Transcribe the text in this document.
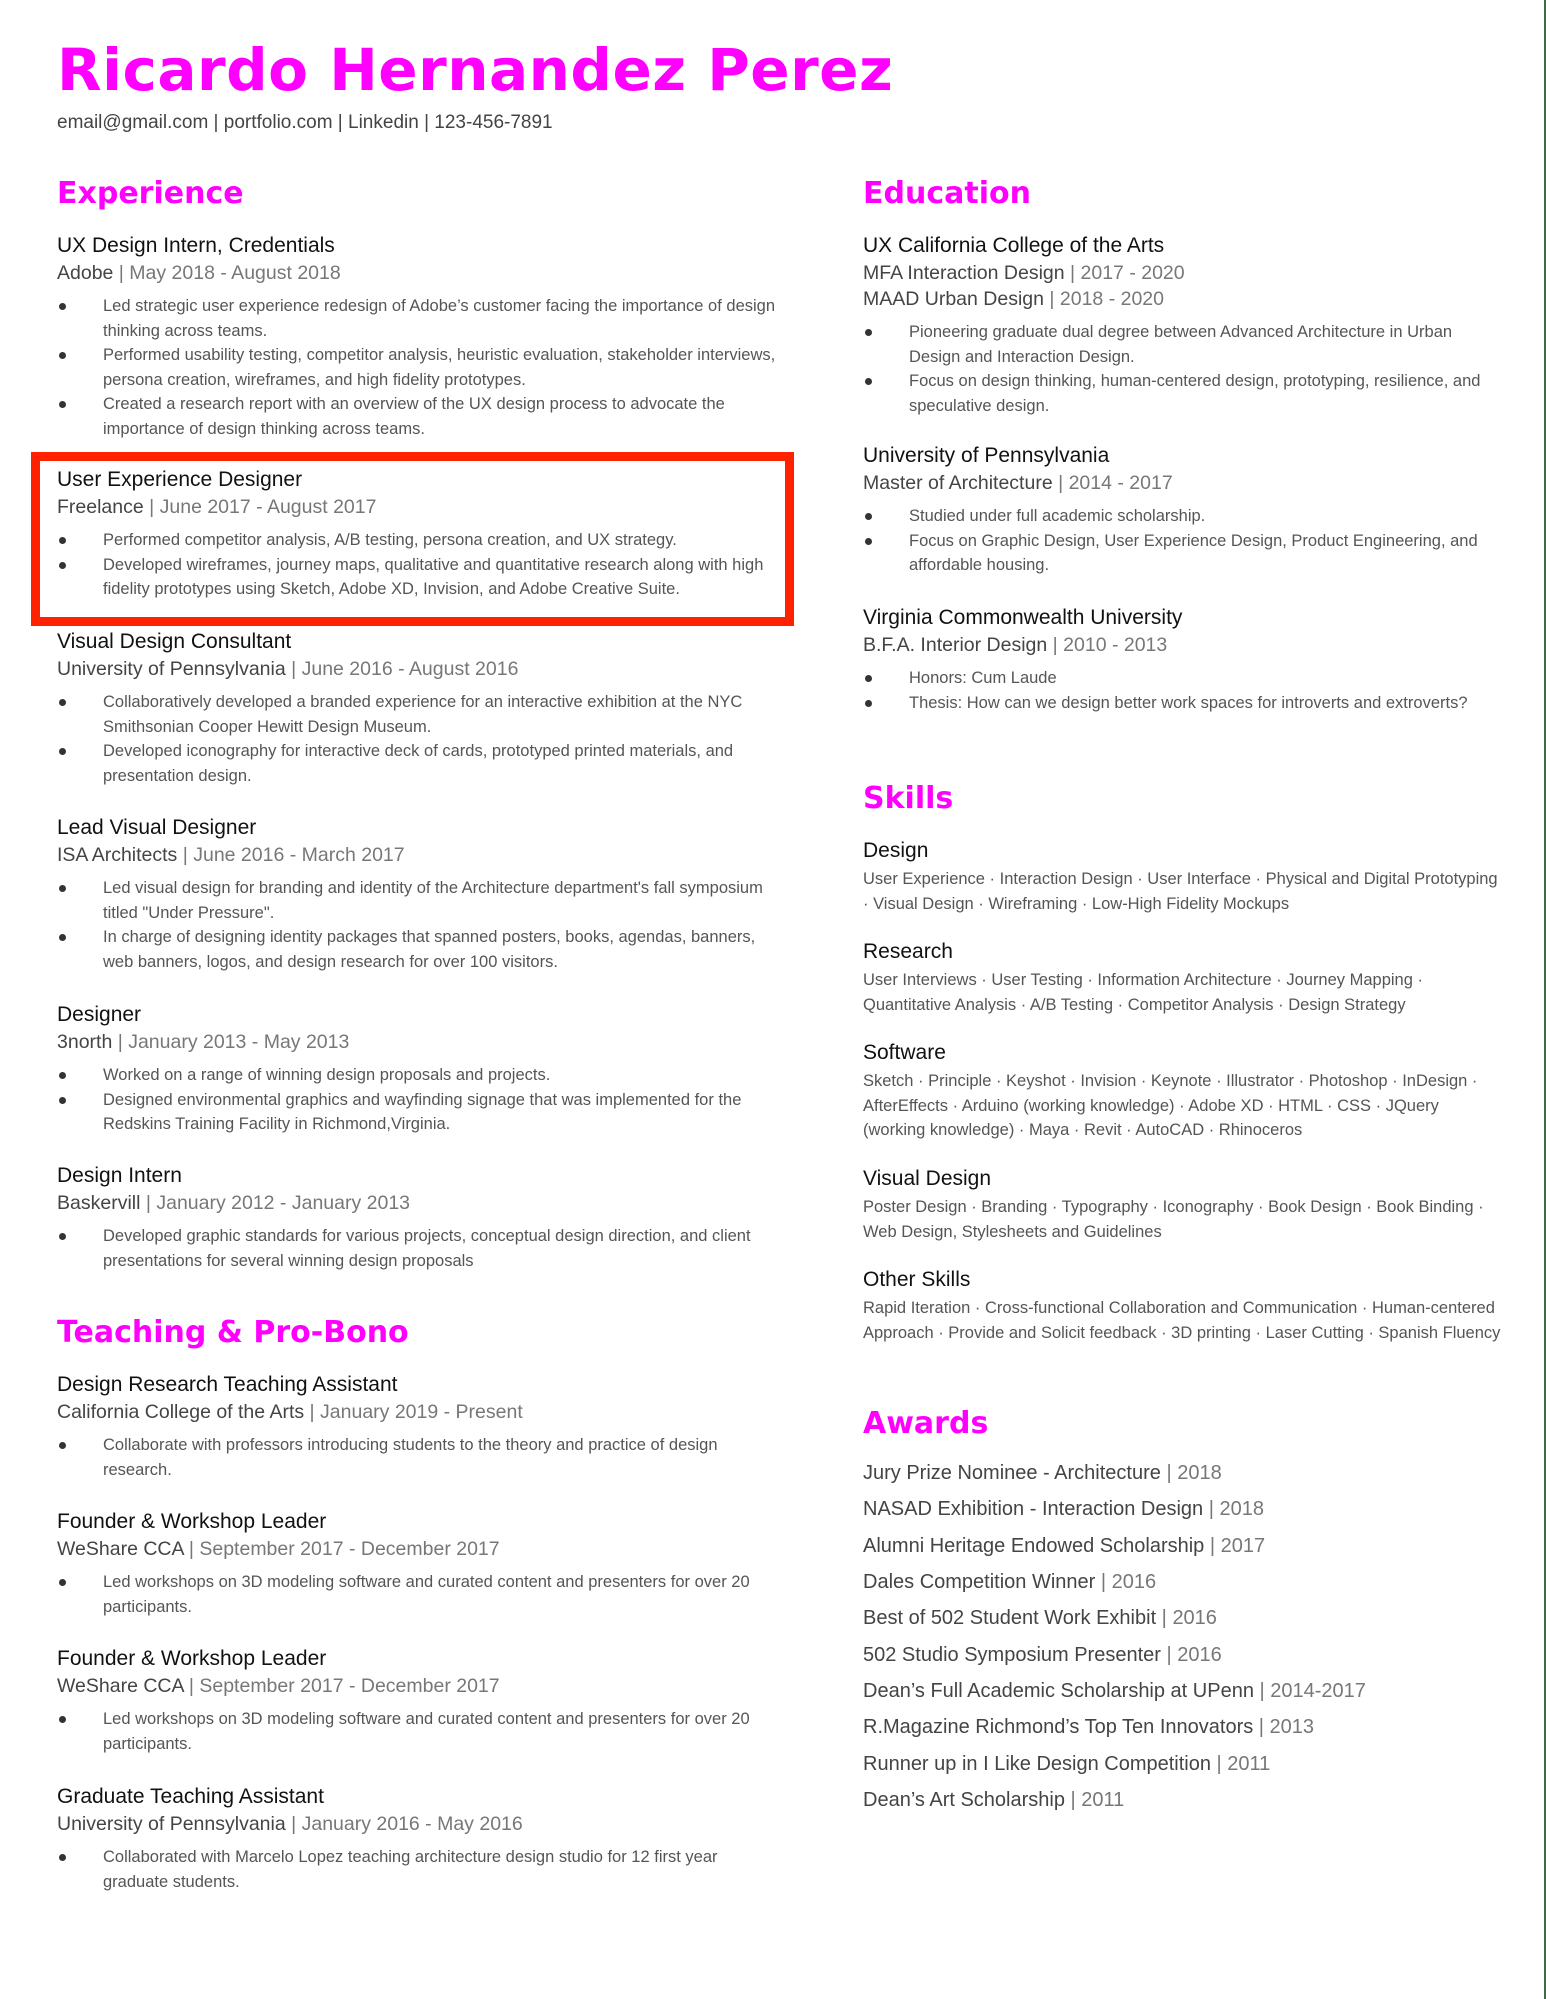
Ricardo Hernandez Perez
email@gmail.com | portfolio.com | Linkedin | 123-456-7891
Experience
UX Design Intern, Credentials
Adobe | May 2018 - August 2018
Led strategic user experience redesign of Adobe’s customer facing the importance of design thinking across teams.
Performed usability testing, competitor analysis, heuristic evaluation, stakeholder interviews, persona creation, wireframes, and high fidelity prototypes.
Created a research report with an overview of the UX design process to advocate the importance of design thinking across teams.
User Experience Designer
Freelance | June 2017 - August 2017
Performed competitor analysis, A/B testing, persona creation, and UX strategy.
Developed wireframes, journey maps, qualitative and quantitative research along with high fidelity prototypes using Sketch, Adobe XD, Invision, and Adobe Creative Suite.
Visual Design Consultant
University of Pennsylvania | June 2016 - August 2016
Collaboratively developed a branded experience for an interactive exhibition at the NYC Smithsonian Cooper Hewitt Design Museum.
Developed iconography for interactive deck of cards, prototyped printed materials, and presentation design.
Lead Visual Designer
ISA Architects | June 2016 - March 2017
Led visual design for branding and identity of the Architecture department's fall symposium titled "Under Pressure".
In charge of designing identity packages that spanned posters, books, agendas, banners, web banners, logos, and design research for over 100 visitors.
Designer
3north | January 2013 - May 2013
Worked on a range of winning design proposals and projects.
Designed environmental graphics and wayfinding signage that was implemented for the Redskins Training Facility in Richmond,Virginia.
Design Intern
Baskervill | January 2012 - January 2013
Developed graphic standards for various projects, conceptual design direction, and client presentations for several winning design proposals
Teaching & Pro-Bono
Design Research Teaching Assistant
California College of the Arts | January 2019 - Present
Collaborate with professors introducing students to the theory and practice of design research.
Founder & Workshop Leader
WeShare CCA | September 2017 - December 2017
Led workshops on 3D modeling software and curated content and presenters for over 20 participants.
Founder & Workshop Leader
WeShare CCA | September 2017 - December 2017
Led workshops on 3D modeling software and curated content and presenters for over 20 participants.
Graduate Teaching Assistant
University of Pennsylvania | January 2016 - May 2016
Collaborated with Marcelo Lopez teaching architecture design studio for 12 first year graduate students.
Education
UX California College of the Arts
MFA Interaction Design | 2017 - 2020
MAAD Urban Design | 2018 - 2020
Pioneering graduate dual degree between Advanced Architecture in Urban Design and Interaction Design.
Focus on design thinking, human-centered design, prototyping, resilience, and speculative design.
University of Pennsylvania
Master of Architecture | 2014 - 2017
Studied under full academic scholarship.
Focus on Graphic Design, User Experience Design, Product Engineering, and affordable housing.
Virginia Commonwealth University
B.F.A. Interior Design | 2010 - 2013
Honors: Cum Laude
Thesis: How can we design better work spaces for introverts and extroverts?
Skills
Design
User Experience · Interaction Design · User Interface · Physical and Digital Prototyping · Visual Design · Wireframing · Low-High Fidelity Mockups
Research
User Interviews · User Testing · Information Architecture · Journey Mapping · Quantitative Analysis · A/B Testing · Competitor Analysis · Design Strategy
Software
Sketch · Principle · Keyshot · Invision · Keynote · Illustrator · Photoshop · InDesign · AfterEffects · Arduino (working knowledge) · Adobe XD · HTML · CSS · JQuery (working knowledge) · Maya · Revit · AutoCAD · Rhinoceros
Visual Design
Poster Design · Branding · Typography · Iconography · Book Design · Book Binding · Web Design, Stylesheets and Guidelines
Other Skills
Rapid Iteration · Cross-functional Collaboration and Communication · Human-centered Approach · Provide and Solicit feedback · 3D printing · Laser Cutting · Spanish Fluency
Awards
Jury Prize Nominee - Architecture | 2018
NASAD Exhibition - Interaction Design | 2018
Alumni Heritage Endowed Scholarship | 2017
Dales Competition Winner | 2016
Best of 502 Student Work Exhibit | 2016
502 Studio Symposium Presenter | 2016
Dean’s Full Academic Scholarship at UPenn | 2014-2017
R.Magazine Richmond’s Top Ten Innovators | 2013
Runner up in I Like Design Competition | 2011
Dean’s Art Scholarship | 2011
